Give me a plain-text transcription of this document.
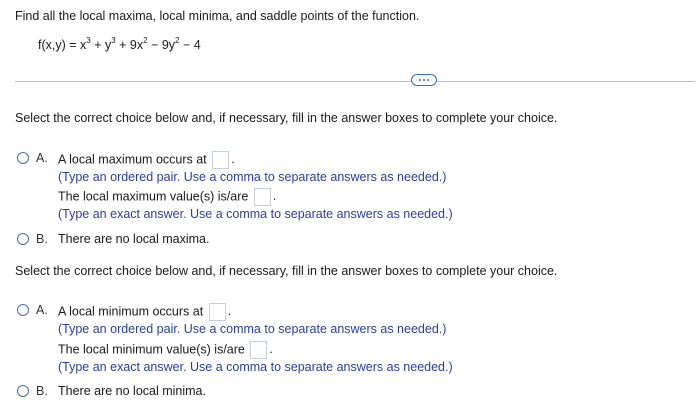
Find all the local maxima, local minima, and saddle points of the function.
$f(x,y) = x^3 + y^3 + 9x^2 - 9y^2 - 4$
Select the correct choice below and, if necessary, fill in the answer boxes to complete your choice.
A. A local maximum occurs at .
(Type an ordered pair. Use a comma to separate answers as needed.)
The local maximum value(s) is/are .
(Type an exact answer. Use a comma to separate answers as needed.)
B. There are no local maxima.
Select the correct choice below and, if necessary, fill in the answer boxes to complete your choice.
A. A local minimum occurs at .
(Type an ordered pair. Use a comma to separate answers as needed.)
The local minimum value(s) is/are .
(Type an exact answer. Use a comma to separate answers as needed.)
B. There are no local minima.
